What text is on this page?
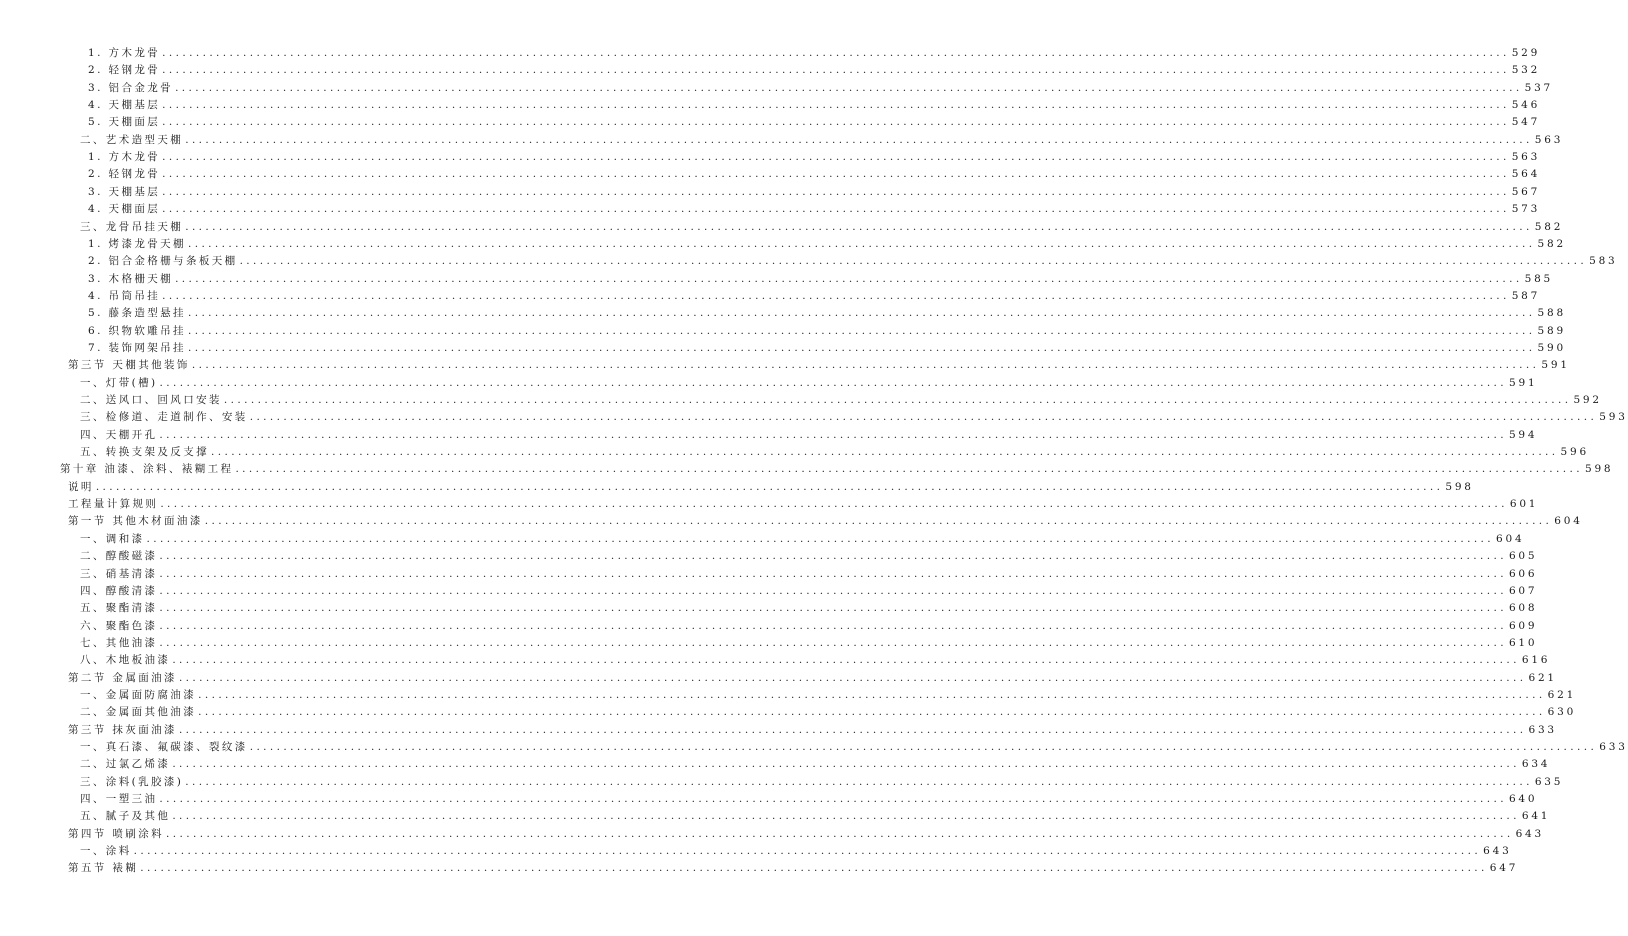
1. 方木龙骨 ........................................................................................................................................................................................................ 529
2. 轻钢龙骨 ........................................................................................................................................................................................................ 532
3. 铝合金龙骨 ........................................................................................................................................................................................................ 537
4. 天棚基层 ........................................................................................................................................................................................................ 546
5. 天棚面层 ........................................................................................................................................................................................................ 547
二、艺术造型天棚 ........................................................................................................................................................................................................ 563
1. 方木龙骨 ........................................................................................................................................................................................................ 563
2. 轻钢龙骨 ........................................................................................................................................................................................................ 564
3. 天棚基层 ........................................................................................................................................................................................................ 567
4. 天棚面层 ........................................................................................................................................................................................................ 573
三、龙骨吊挂天棚 ........................................................................................................................................................................................................ 582
1. 烤漆龙骨天棚 ........................................................................................................................................................................................................ 582
2. 铝合金格栅与条板天棚 ........................................................................................................................................................................................................ 583
3. 木格栅天棚 ........................................................................................................................................................................................................ 585
4. 吊筒吊挂 ........................................................................................................................................................................................................ 587
5. 藤条造型悬挂 ........................................................................................................................................................................................................ 588
6. 织物软雕吊挂 ........................................................................................................................................................................................................ 589
7. 装饰网架吊挂 ........................................................................................................................................................................................................ 590
第三节 天棚其他装饰 ........................................................................................................................................................................................................ 591
一、灯带(槽) ........................................................................................................................................................................................................ 591
二、送风口、回风口安装 ........................................................................................................................................................................................................ 592
三、检修道、走道制作、安装 ........................................................................................................................................................................................................ 593
四、天棚开孔 ........................................................................................................................................................................................................ 594
五、转换支架及反支撑 ........................................................................................................................................................................................................ 596
第十章 油漆、涂料、裱糊工程 ........................................................................................................................................................................................................ 598
说明 ........................................................................................................................................................................................................ 598
工程量计算规则 ........................................................................................................................................................................................................ 601
第一节 其他木材面油漆 ........................................................................................................................................................................................................ 604
一、调和漆 ........................................................................................................................................................................................................ 604
二、醇酸磁漆 ........................................................................................................................................................................................................ 605
三、硝基清漆 ........................................................................................................................................................................................................ 606
四、醇酸清漆 ........................................................................................................................................................................................................ 607
五、聚酯清漆 ........................................................................................................................................................................................................ 608
六、聚酯色漆 ........................................................................................................................................................................................................ 609
七、其他油漆 ........................................................................................................................................................................................................ 610
八、木地板油漆 ........................................................................................................................................................................................................ 616
第二节 金属面油漆 ........................................................................................................................................................................................................ 621
一、金属面防腐油漆 ........................................................................................................................................................................................................ 621
二、金属面其他油漆 ........................................................................................................................................................................................................ 630
第三节 抹灰面油漆 ........................................................................................................................................................................................................ 633
一、真石漆、氟碳漆、裂纹漆 ........................................................................................................................................................................................................ 633
二、过氯乙烯漆 ........................................................................................................................................................................................................ 634
三、涂料(乳胶漆) ........................................................................................................................................................................................................ 635
四、一塑三油 ........................................................................................................................................................................................................ 640
五、腻子及其他 ........................................................................................................................................................................................................ 641
第四节 喷刷涂料 ........................................................................................................................................................................................................ 643
一、涂料 ........................................................................................................................................................................................................ 643
第五节 裱糊 ........................................................................................................................................................................................................ 647
